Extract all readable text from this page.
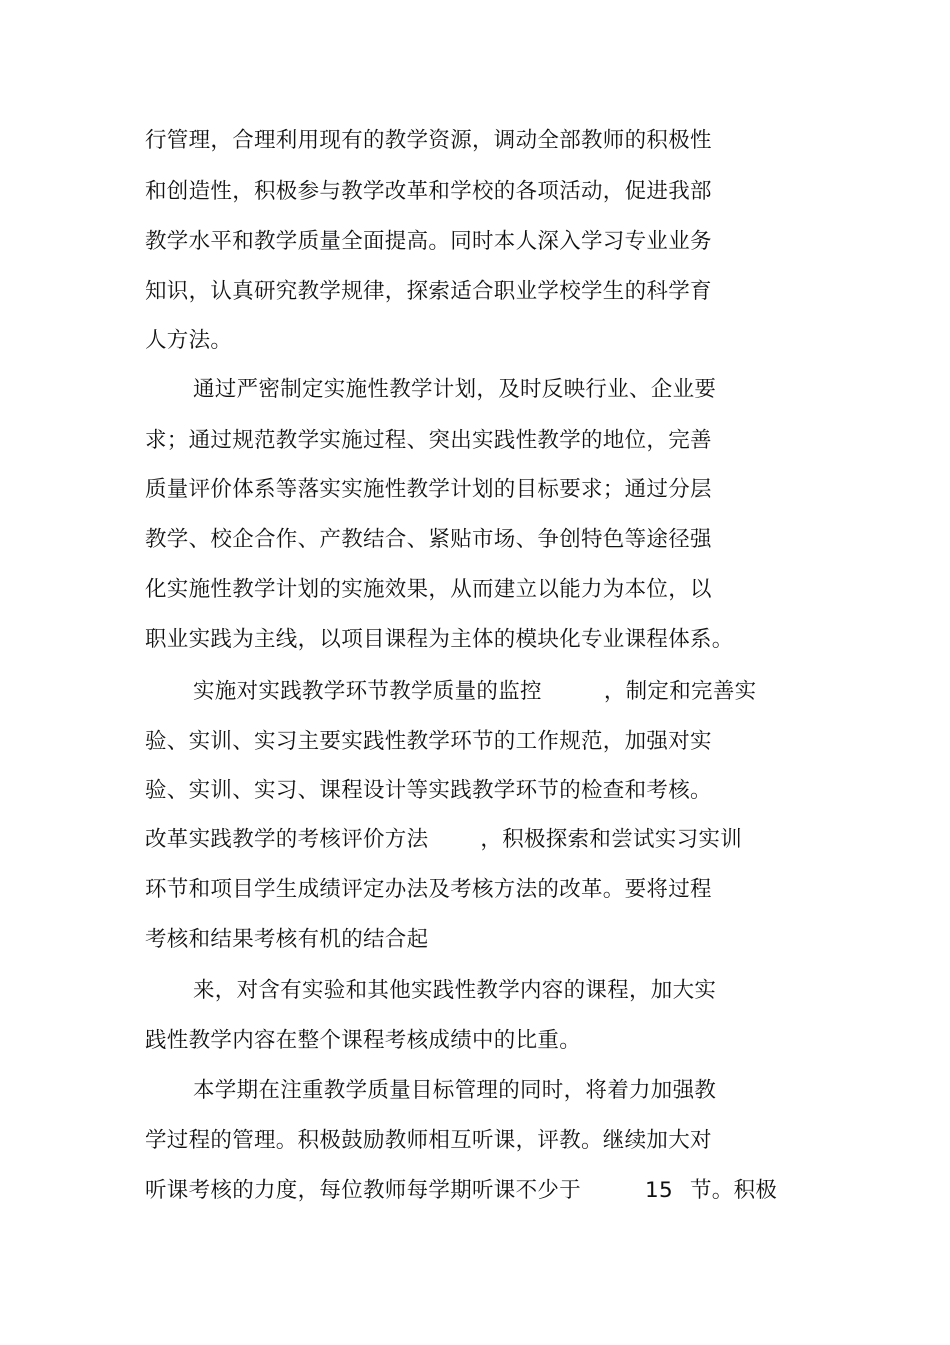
行管理，合理利用现有的教学资源，调动全部教师的积极性
和创造性，积极参与教学改革和学校的各项活动，促进我部
教学水平和教学质量全面提高。同时本人深入学习专业业务
知识，认真研究教学规律，探索适合职业学校学生的科学育
人方法。
通过严密制定实施性教学计划，及时反映行业、企业要
求；通过规范教学实施过程、突出实践性教学的地位，完善
质量评价体系等落实实施性教学计划的目标要求；通过分层
教学、校企合作、产教结合、紧贴市场、争创特色等途径强
化实施性教学计划的实施效果，从而建立以能力为本位，以
职业实践为主线，以项目课程为主体的模块化专业课程体系。
实施对实践教学环节教学质量的监控	，制定和完善实
验、实训、实习主要实践性教学环节的工作规范，加强对实
验、实训、实习、课程设计等实践教学环节的检查和考核。
改革实践教学的考核评价方法 ，积极探索和尝试实习实训
环节和项目学生成绩评定办法及考核方法的改革。要将过程
考核和结果考核有机的结合起
来，对含有实验和其他实践性教学内容的课程，加大实
践性教学内容在整个课程考核成绩中的比重。
本学期在注重教学质量目标管理的同时，将着力加强教
学过程的管理。积极鼓励教师相互听课，评教。继续加大对
听课考核的力度，每位教师每学期听课不少于	15 节。积极
